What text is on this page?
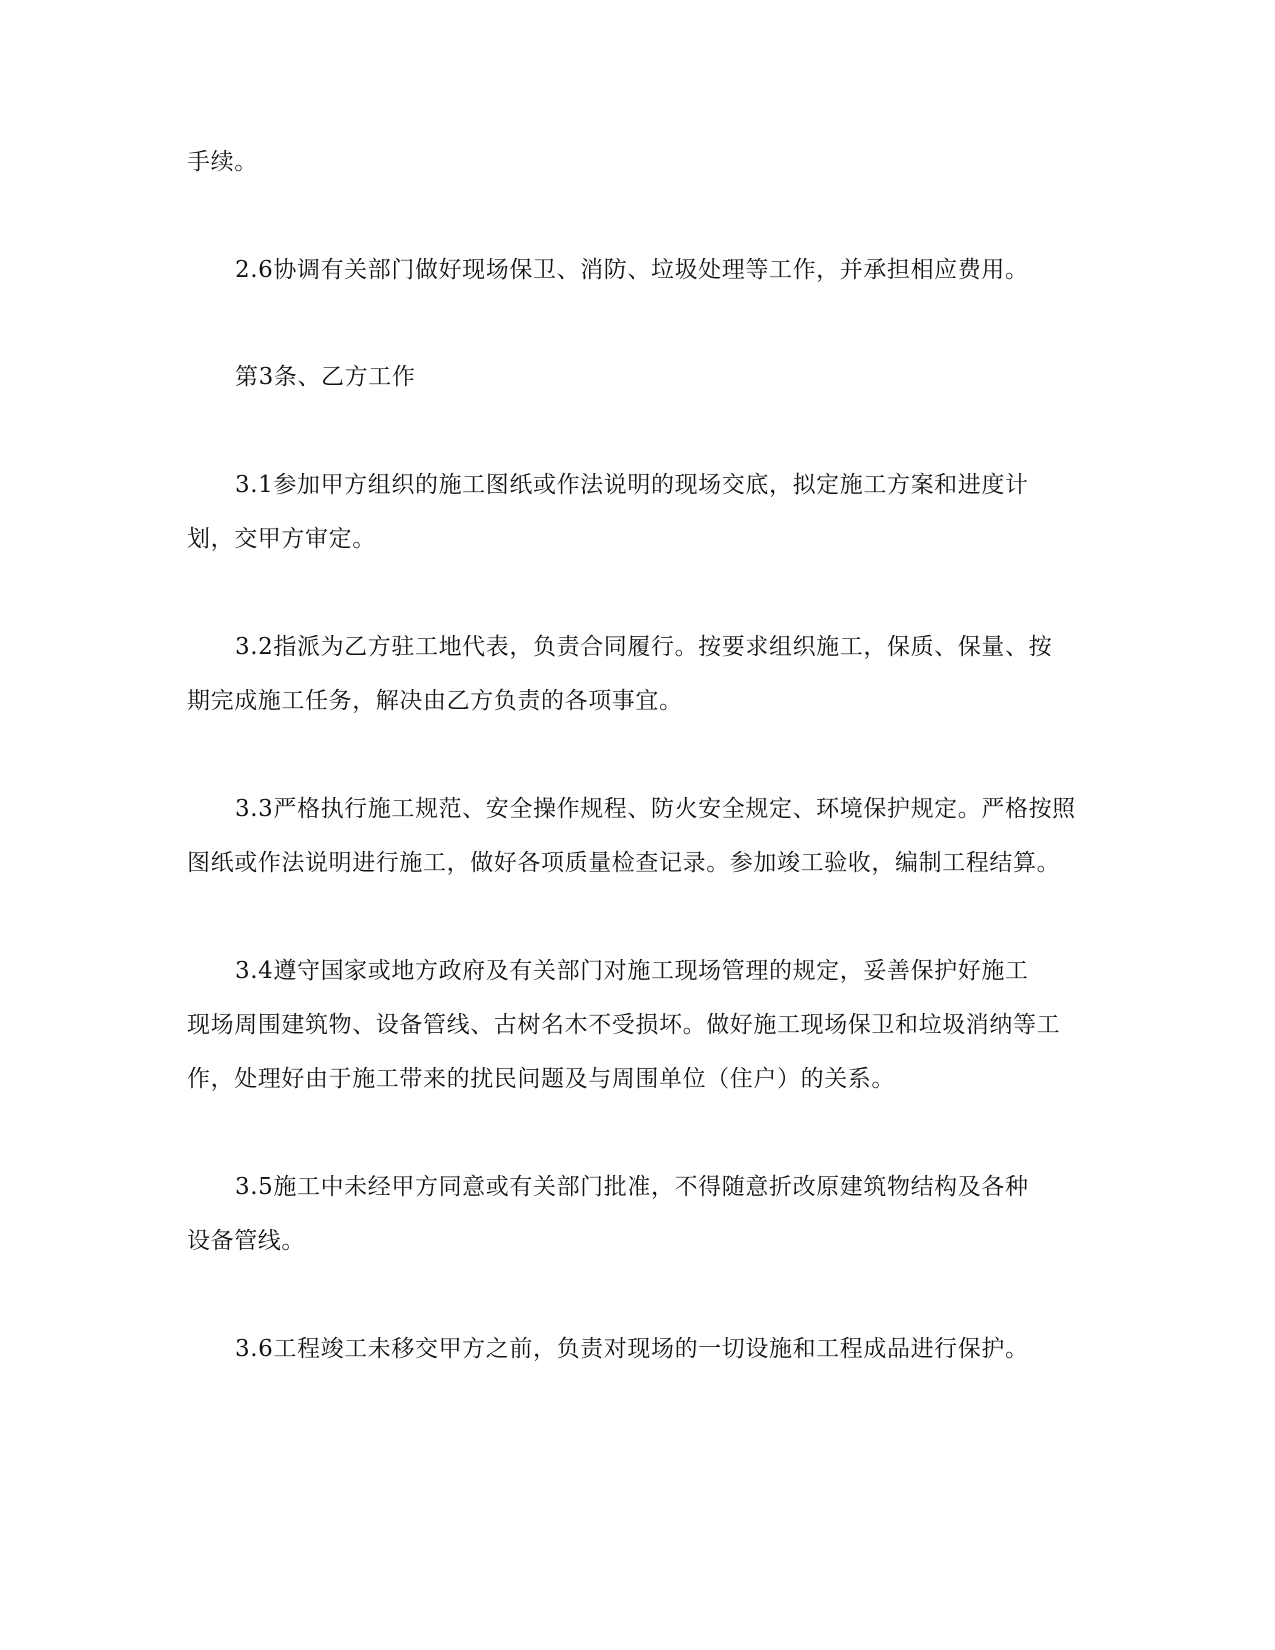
手续。
2.6协调有关部门做好现场保卫、消防、垃圾处理等工作，并承担相应费用。
第3条、乙方工作
3.1参加甲方组织的施工图纸或作法说明的现场交底，拟定施工方案和进度计
划，交甲方审定。
3.2指派为乙方驻工地代表，负责合同履行。按要求组织施工，保质、保量、按
期完成施工任务，解决由乙方负责的各项事宜。
3.3严格执行施工规范、安全操作规程、防火安全规定、环境保护规定。严格按照
图纸或作法说明进行施工，做好各项质量检查记录。参加竣工验收，编制工程结算。
3.4遵守国家或地方政府及有关部门对施工现场管理的规定，妥善保护好施工
现场周围建筑物、设备管线、古树名木不受损坏。做好施工现场保卫和垃圾消纳等工
作，处理好由于施工带来的扰民问题及与周围单位（住户）的关系。
3.5施工中未经甲方同意或有关部门批准，不得随意折改原建筑物结构及各种
设备管线。
3.6工程竣工未移交甲方之前，负责对现场的一切设施和工程成品进行保护。
